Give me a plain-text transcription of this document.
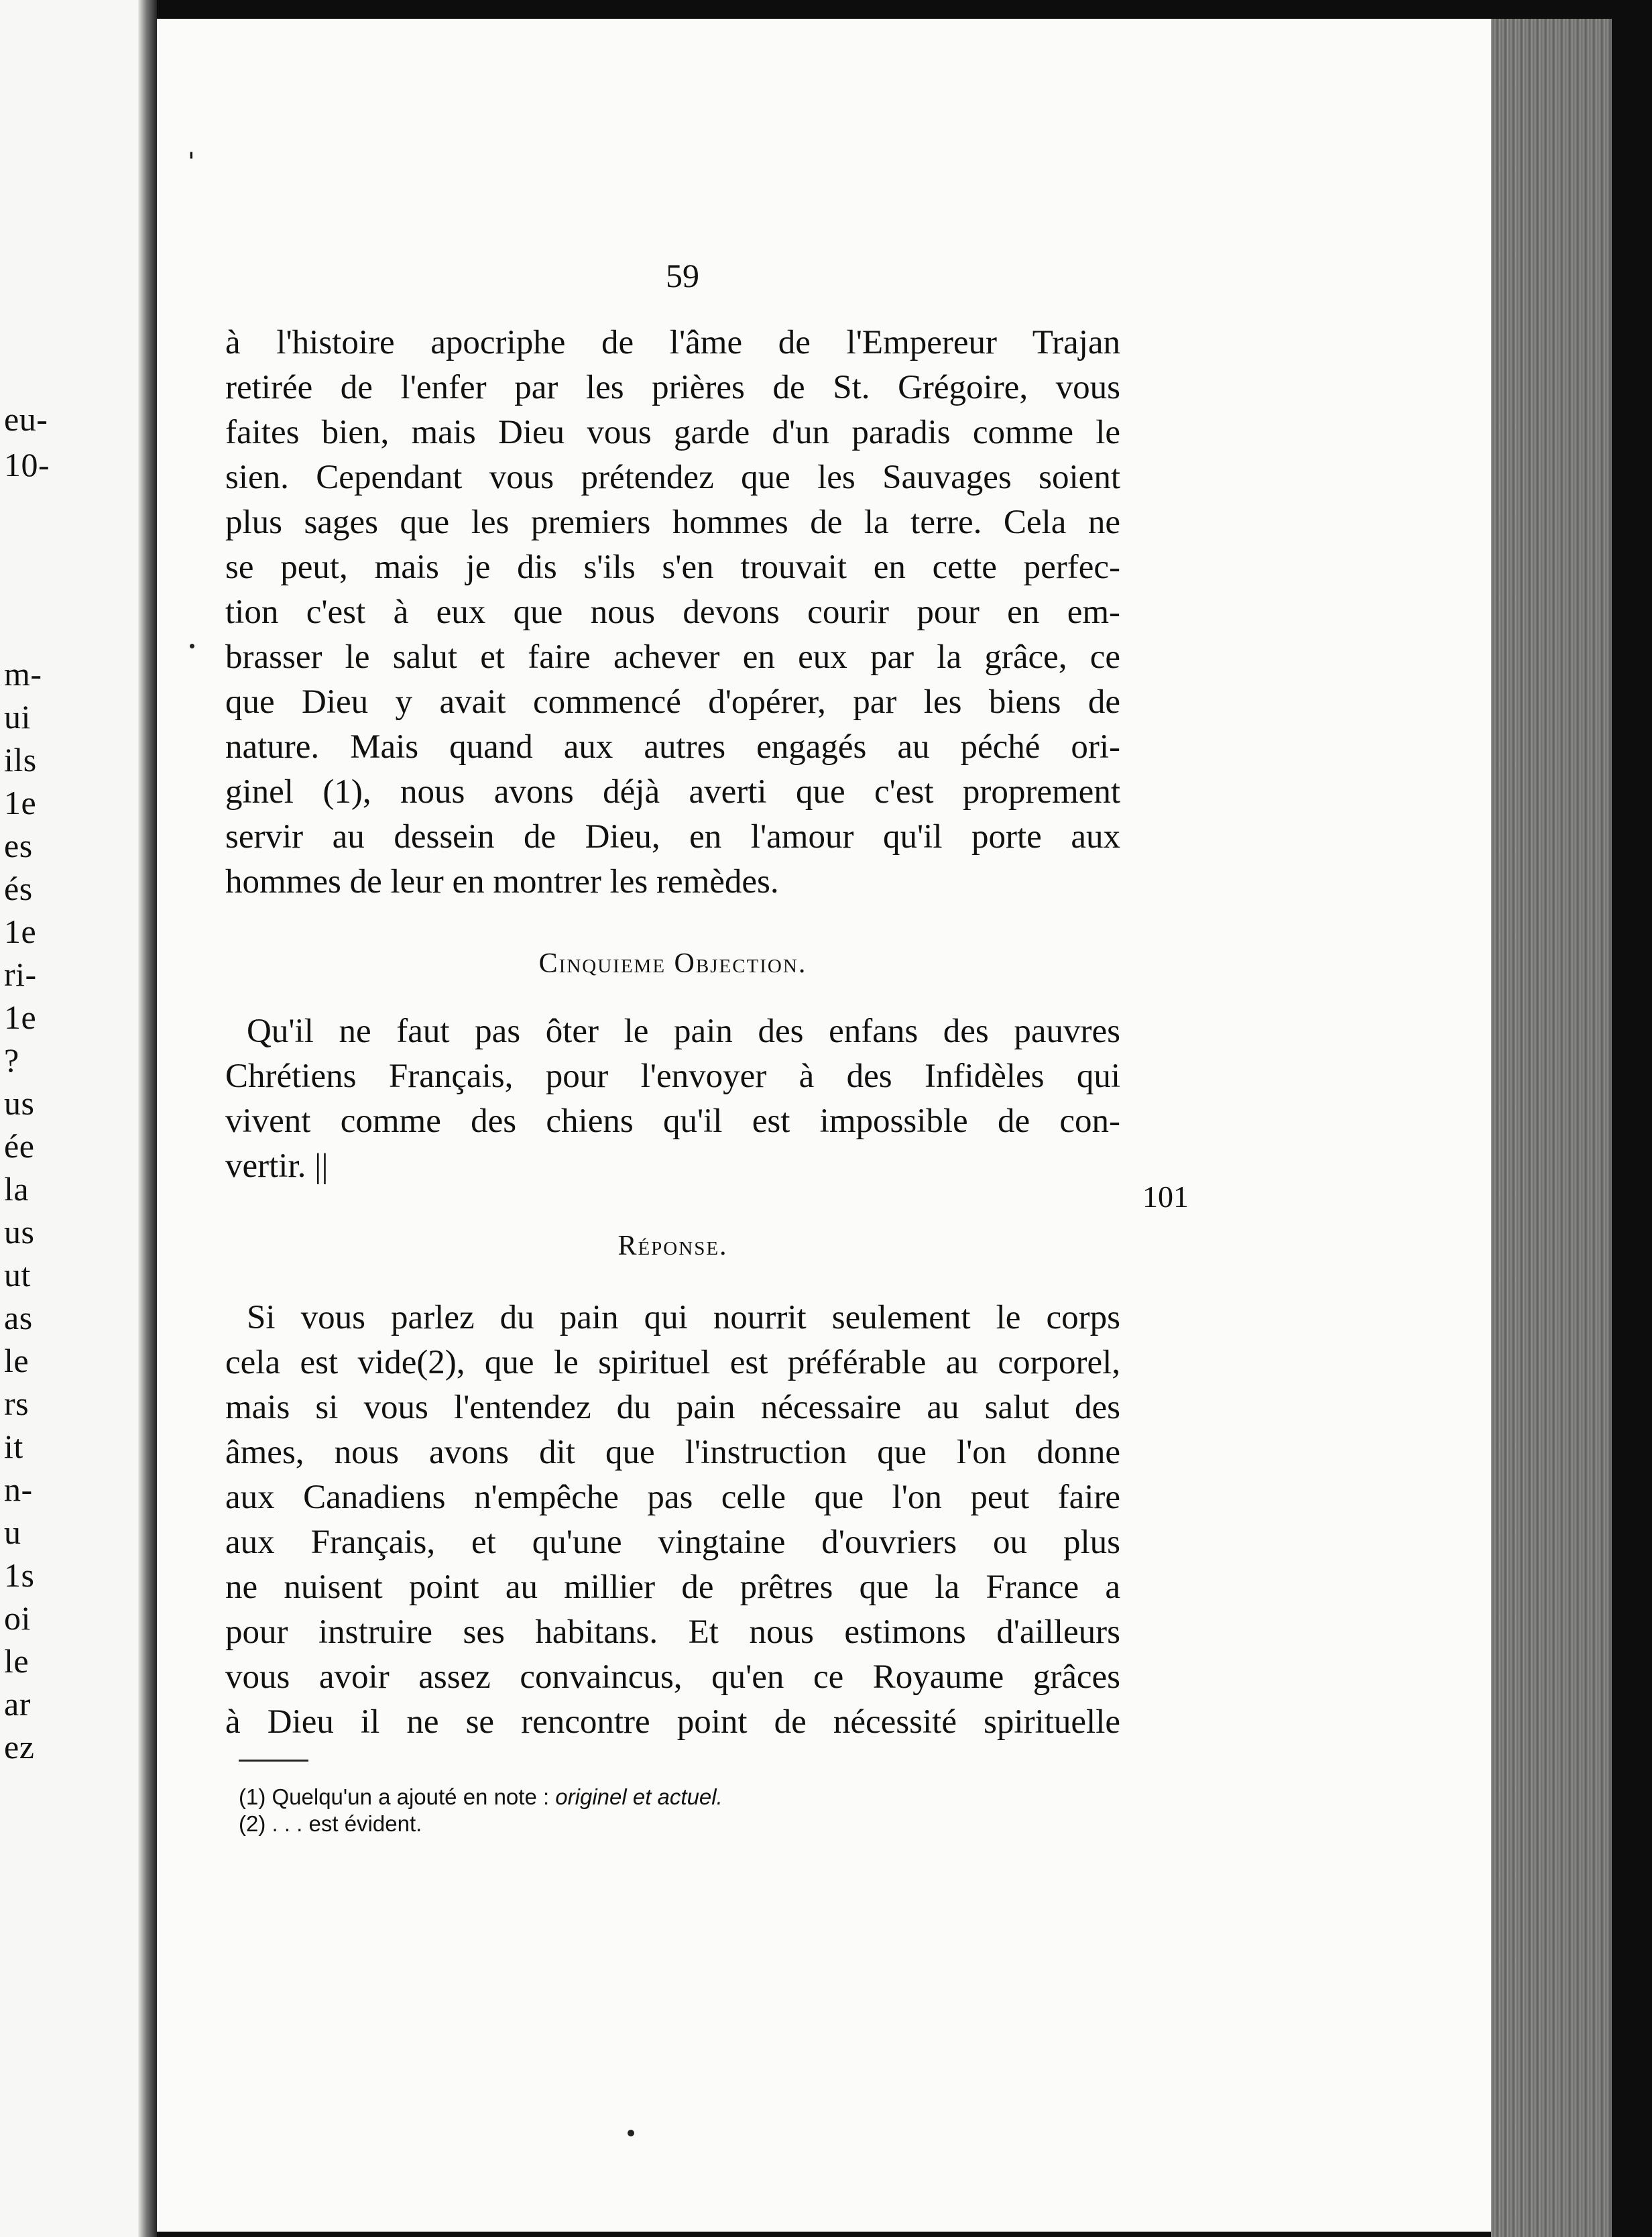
eu-
10-
m-
ui
ils
1e
es
és
1e
ri-
1e
?
us
ée
la
us
ut
as
le
rs
it
n-
u
1s
oi
le
ar
ez
ˈ
59
à l'histoire apocriphe de l'âme de l'Empereur Trajan
retirée de l'enfer par les prières de St. Grégoire, vous
faites bien, mais Dieu vous garde d'un paradis comme le
sien. Cependant vous prétendez que les Sauvages soient
plus sages que les premiers hommes de la terre. Cela ne
se peut, mais je dis s'ils s'en trouvait en cette perfec-
tion c'est à eux que nous devons courir pour en em-
brasser le salut et faire achever en eux par la grâce, ce
que Dieu y avait commencé d'opérer, par les biens de
nature. Mais quand aux autres engagés au péché ori-
ginel (1), nous avons déjà averti que c'est proprement
servir au dessein de Dieu, en l'amour qu'il porte aux
hommes de leur en montrer les remèdes.
Cinquieme Objection.
Qu'il ne faut pas ôter le pain des enfans des pauvres
Chrétiens Français, pour l'envoyer à des Infidèles qui
vivent comme des chiens qu'il est impossible de con-
vertir. ||
Réponse.
Si vous parlez du pain qui nourrit seulement le corps
cela est vide(2), que le spirituel est préférable au corporel,
mais si vous l'entendez du pain nécessaire au salut des
âmes, nous avons dit que l'instruction que l'on donne
aux Canadiens n'empêche pas celle que l'on peut faire
aux Français, et qu'une vingtaine d'ouvriers ou plus
ne nuisent point au millier de prêtres que la France a
pour instruire ses habitans. Et nous estimons d'ailleurs
vous avoir assez convaincus, qu'en ce Royaume grâces
à Dieu il ne se rencontre point de nécessité spirituelle
101
(1) Quelqu'un a ajouté en note : originel et actuel.
(2) . . . est évident.
